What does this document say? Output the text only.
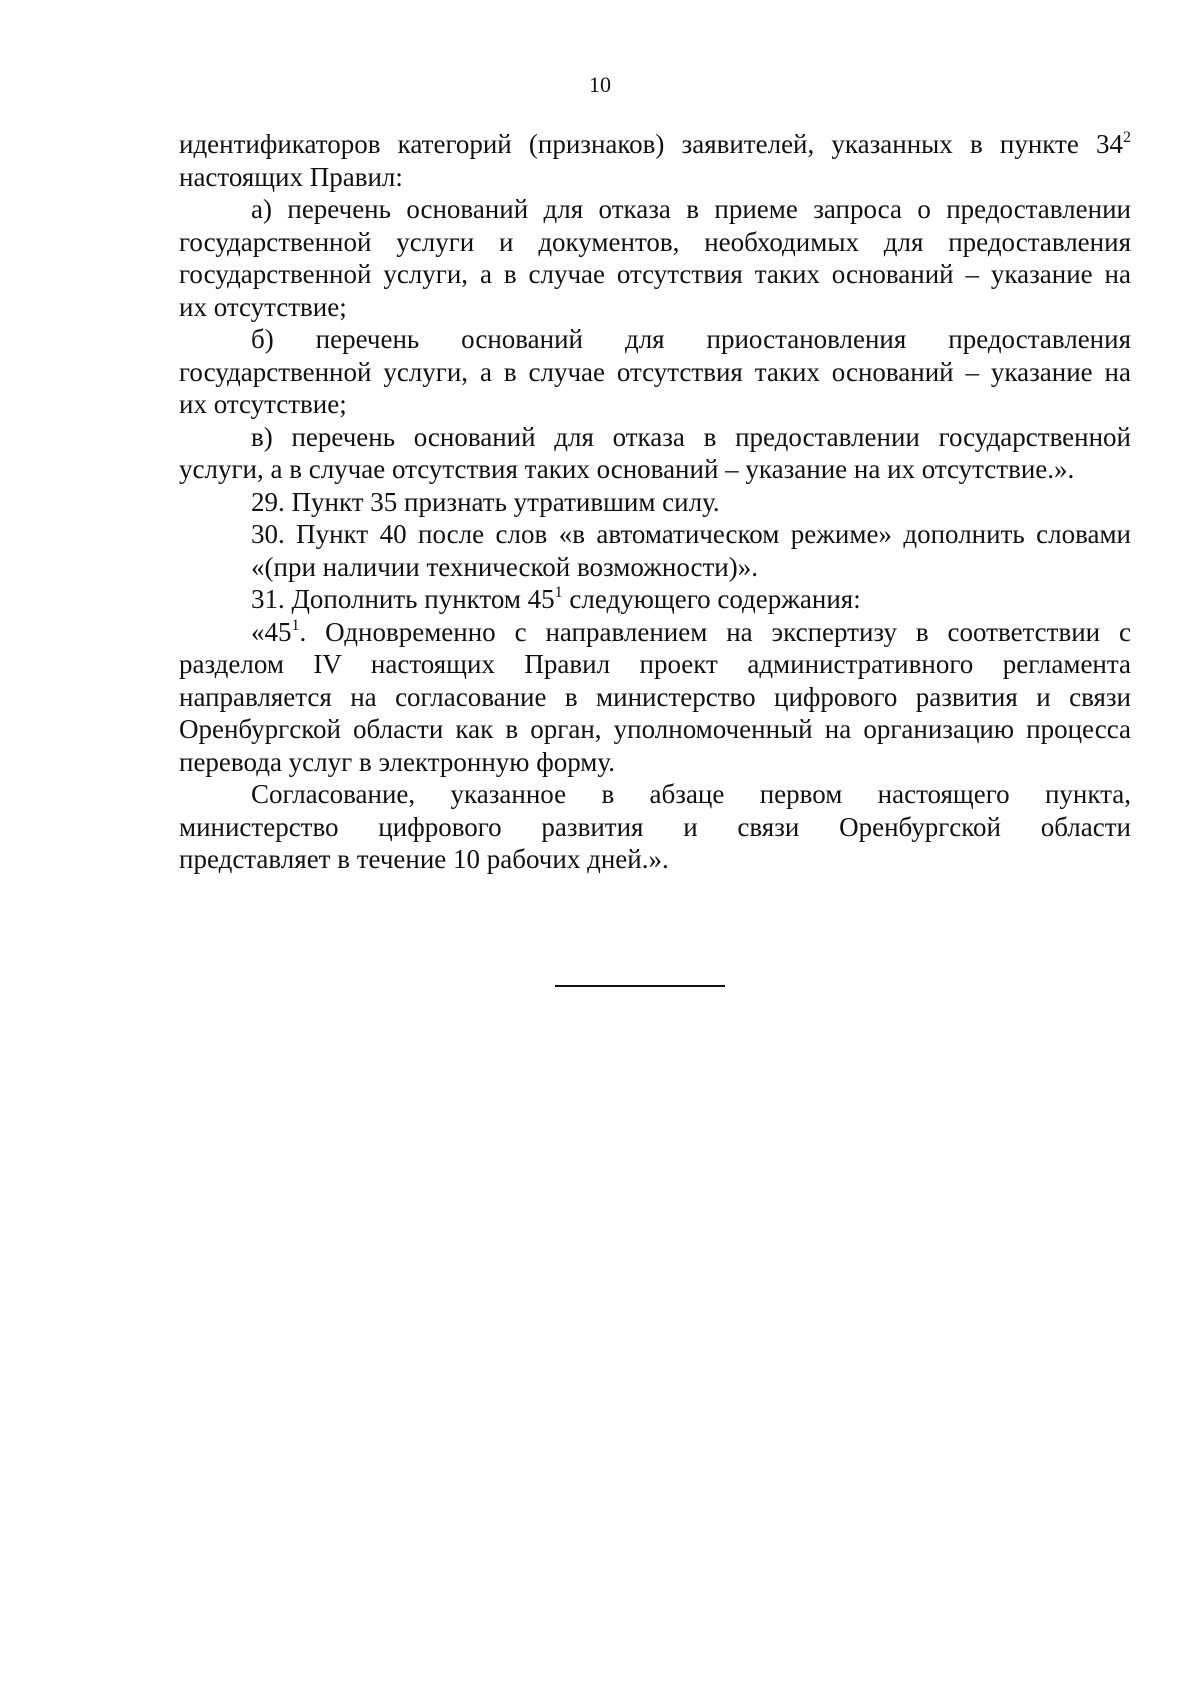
10

идентификаторов категорий (признаков) заявителей, указанных в пункте $34^2$
настоящих Правил:

а) перечень оснований для отказа в приеме запроса о предоставлении
государственной услуги и документов, необходимых для предоставления
государственной услуги, а в случае отсутствия таких оснований – указание на
их отсутствие;

б) перечень оснований для приостановления предоставления
государственной услуги, а в случае отсутствия таких оснований – указание на
их отсутствие;

в) перечень оснований для отказа в предоставлении государственной
услуги, а в случае отсутствия таких оснований – указание на их отсутствие.».

29. Пункт 35 признать утратившим силу.

30. Пункт 40 после слов «в автоматическом режиме» дополнить словами
«(при наличии технической возможности)».

31. Дополнить пунктом $45^1$ следующего содержания:

«$45^1$. Одновременно с направлением на экспертизу в соответствии с
разделом IV настоящих Правил проект административного регламента
направляется на согласование в министерство цифрового развития и связи
Оренбургской области как в орган, уполномоченный на организацию процесса
перевода услуг в электронную форму.

Согласование, указанное в абзаце первом настоящего пункта,
министерство цифрового развития и связи Оренбургской области
представляет в течение 10 рабочих дней.».
